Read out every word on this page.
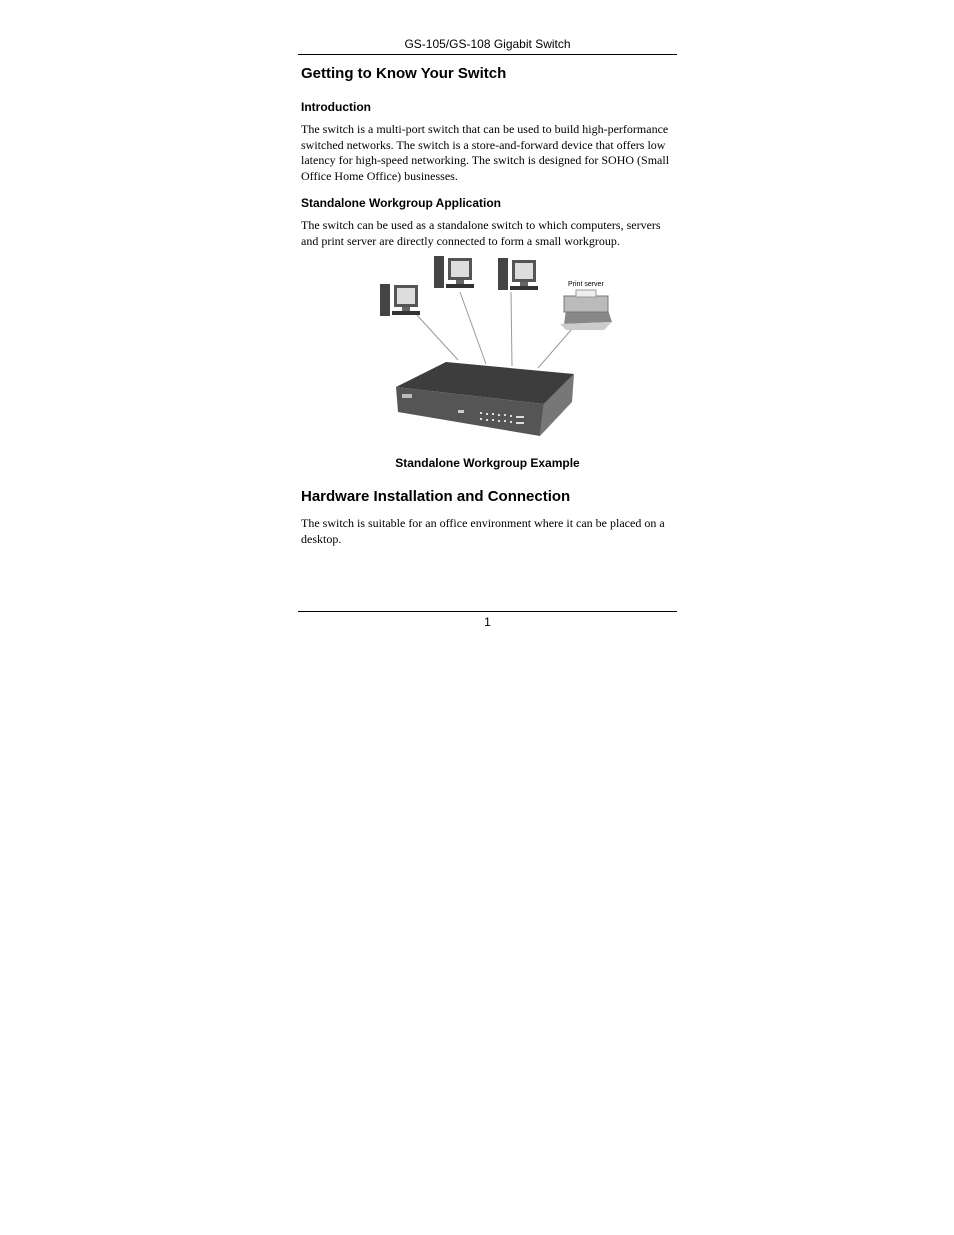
GS-105/GS-108 Gigabit Switch
Getting to Know Your Switch
Introduction

The switch is a multi-port switch that can be used to build high-performance switched networks. The switch is a store-and-forward device that offers low latency for high-speed networking. The switch is designed for SOHO (Small Office Home Office) businesses.

Standalone Workgroup Application

The switch can be used as a standalone switch to which computers, servers and print server are directly connected to form a small workgroup.

Print server
Standalone Workgroup Example
Hardware Installation and Connection

The switch is suitable for an office environment where it can be placed on a desktop.

1
